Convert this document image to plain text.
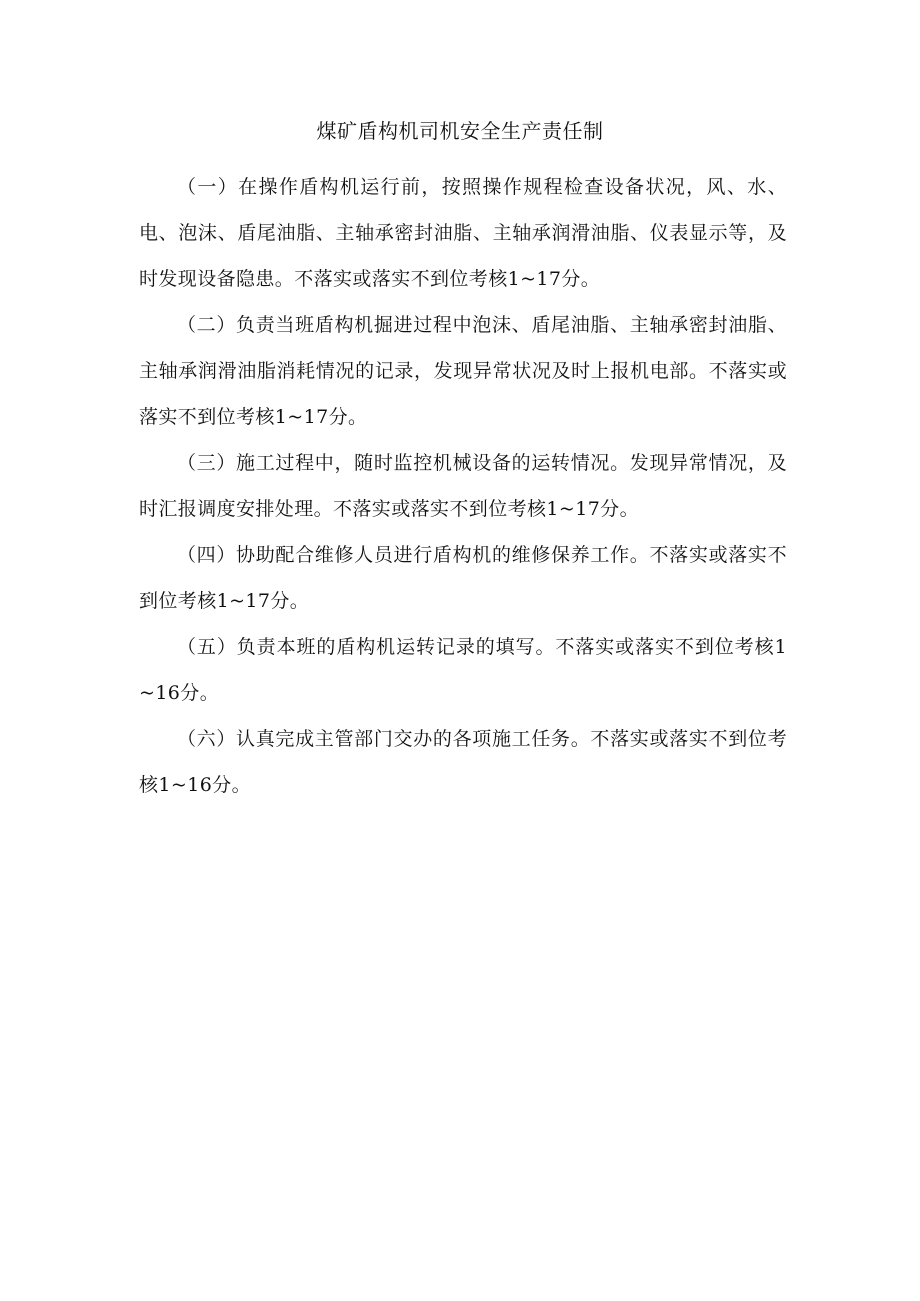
煤矿盾构机司机安全生产责任制

（一）在操作盾构机运行前，按照操作规程检查设备状况，风、水、电、泡沫、盾尾油脂、主轴承密封油脂、主轴承润滑油脂、仪表显示等，及时发现设备隐患。不落实或落实不到位考核1~17分。

（二）负责当班盾构机掘进过程中泡沫、盾尾油脂、主轴承密封油脂、主轴承润滑油脂消耗情况的记录，发现异常状况及时上报机电部。不落实或落实不到位考核1~17分。

（三）施工过程中，随时监控机械设备的运转情况。发现异常情况，及时汇报调度安排处理。不落实或落实不到位考核1~17分。

（四）协助配合维修人员进行盾构机的维修保养工作。不落实或落实不到位考核1~17分。

（五）负责本班的盾构机运转记录的填写。不落实或落实不到位考核1~16分。

（六）认真完成主管部门交办的各项施工任务。不落实或落实不到位考核1~16分。
